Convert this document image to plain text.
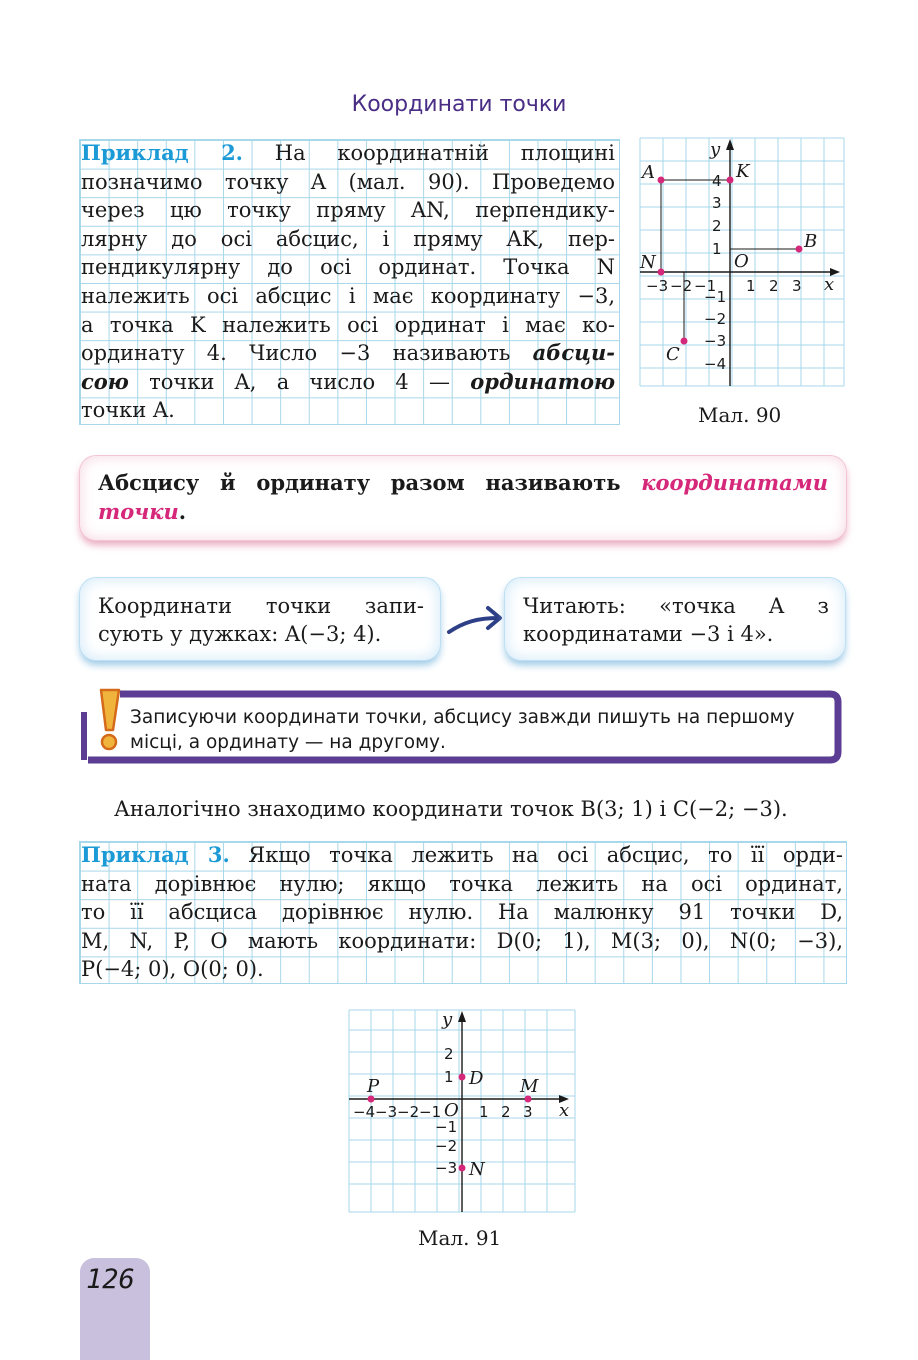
Координати точки
Приклад 2. На координатній площині
позначимо точку A (мал. 90). Проведемо
через цю точку пряму AN, перпендику-
лярну до осі абсцис, і пряму AK, пер-
пендикулярну до осі ординат. Точка N
належить осі абсцис і має координату −3,
а точка K належить осі ординат і має ко-
ординату 4. Число −3 називають абсци-
сою точки A, а число 4 — ординатою
точки A.
A	K
B
N	O
C
x
y
−3 −2 −1 1 2 3
4
3
2
1
−1
−2
−3
−4
Мал. 90
Абсцису й ординату разом називають координатами точки.
Координати точки записують у дужках: A(−3; 4).
Читають: «точка A з координатами −3 і 4».
Записуючи координати точки, абсцису завжди пишуть на першому місці, а ординату — на другому.
Аналогічно знаходимо координати точок B(3; 1) і C(−2; −3).
Приклад 3. Якщо точка лежить на осі абсцис, то її орди-
ната дорівнює нулю; якщо точка лежить на осі ординат,
то її абсциса дорівнює нулю. На малюнку 91 точки D,
M, N, P, O мають координати: D(0; 1), M(3; 0), N(0; −3),
P(−4; 0), O(0; 0).
P	D M
N
O	x
y
−4 −3 −2 −1	1 2 3
2
1
−1
−2
−3
Мал. 91
126
